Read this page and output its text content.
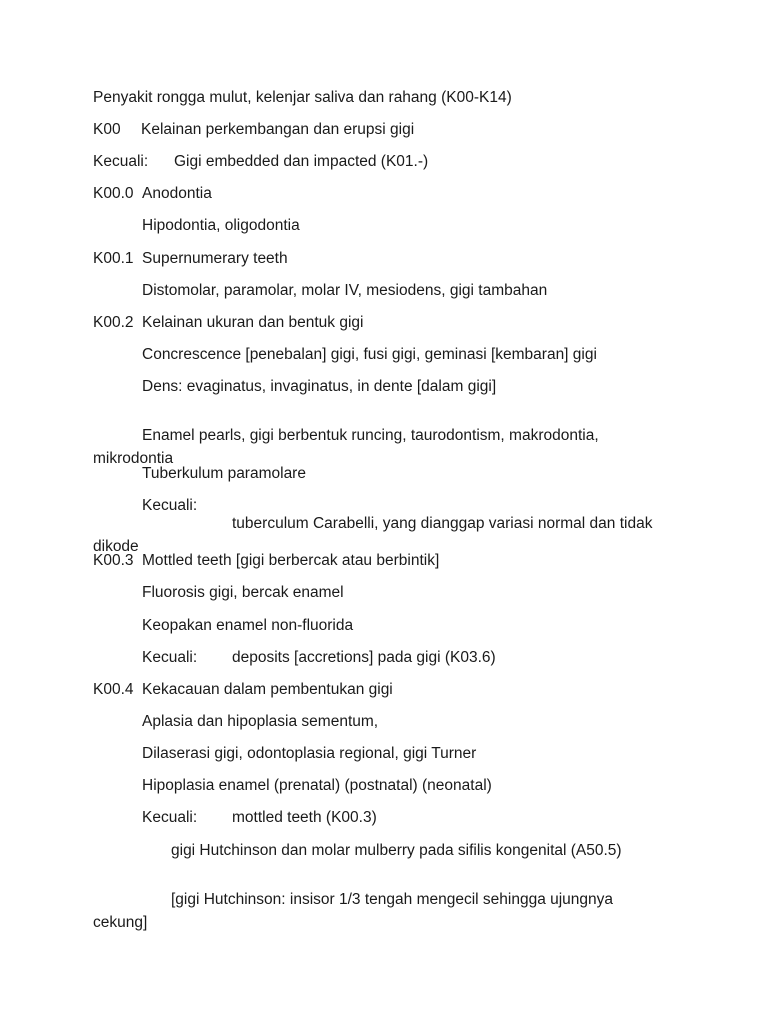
Penyakit rongga mulut, kelenjar saliva dan rahang (K00-K14)

K00 Kelainan perkembangan dan erupsi gigi

Kecuali: Gigi embedded dan impacted (K01.-)

K00.0 Anodontia

Hipodontia, oligodontia

K00.1 Supernumerary teeth

Distomolar, paramolar, molar IV, mesiodens, gigi tambahan

K00.2 Kelainan ukuran dan bentuk gigi

Concrescence [penebalan] gigi, fusi gigi, geminasi [kembaran] gigi

Dens: evaginatus, invaginatus, in dente [dalam gigi]

Enamel pearls, gigi berbentuk runcing, taurodontism, makrodontia, mikrodontia

Tuberkulum paramolare

Kecuali:

tuberculum Carabelli, yang dianggap variasi normal dan tidak dikode

K00.3 Mottled teeth [gigi berbercak atau berbintik]

Fluorosis gigi, bercak enamel

Keopakan enamel non-fluorida

Kecuali: deposits [accretions] pada gigi (K03.6)

K00.4 Kekacauan dalam pembentukan gigi

Aplasia dan hipoplasia sementum,

Dilaserasi gigi, odontoplasia regional, gigi Turner

Hipoplasia enamel (prenatal) (postnatal) (neonatal)

Kecuali: mottled teeth (K00.3)

gigi Hutchinson dan molar mulberry pada sifilis kongenital (A50.5)

[gigi Hutchinson: insisor 1/3 tengah mengecil sehingga ujungnya cekung]
